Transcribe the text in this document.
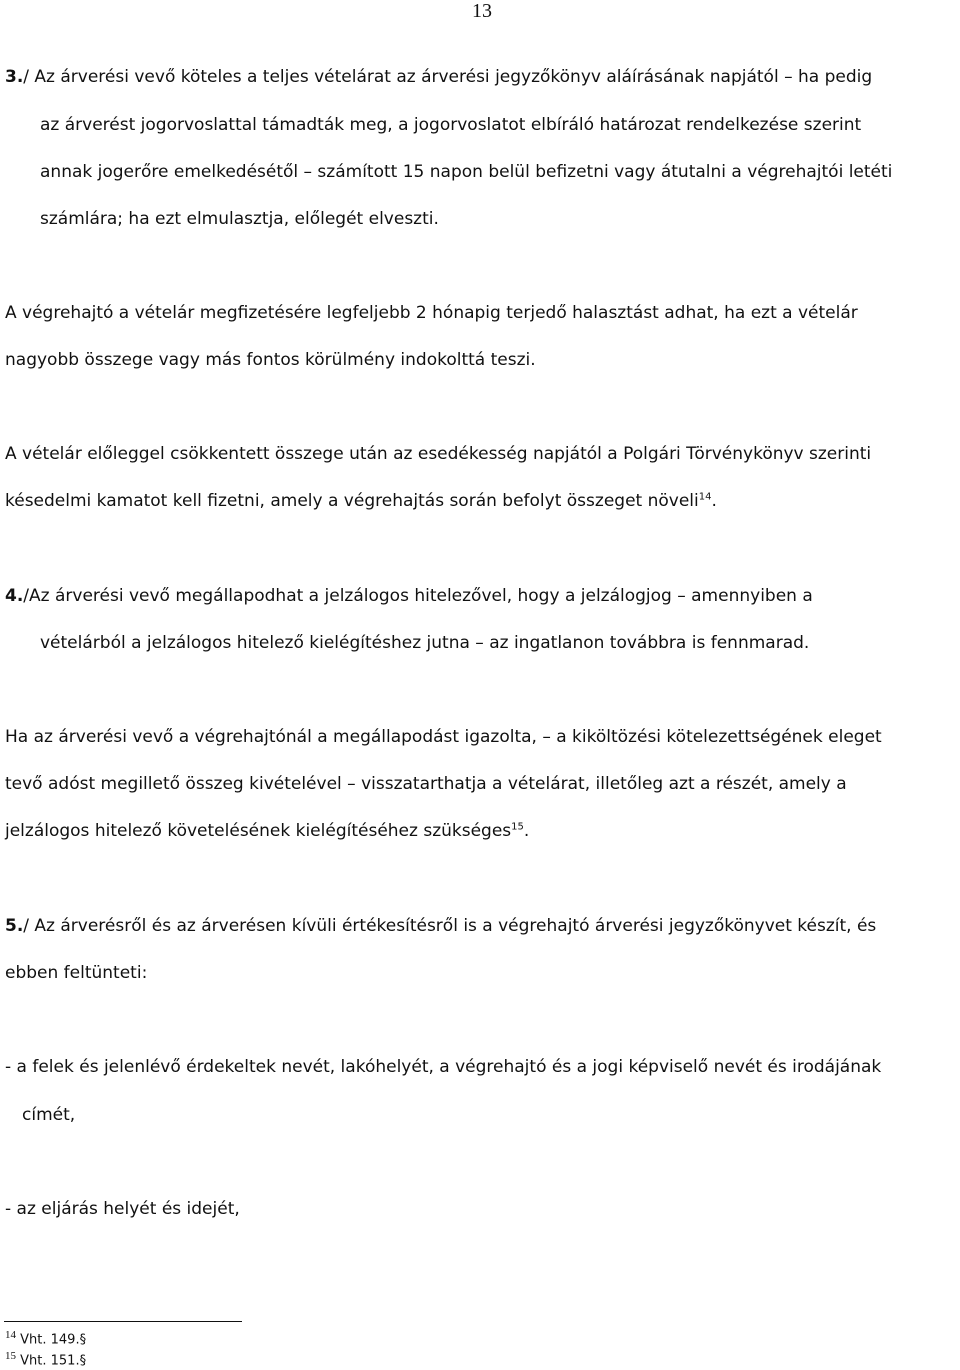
13
3./ Az árverési vevő köteles a teljes vételárat az árverési jegyzőkönyv aláírásának napjától – ha pedig
az árverést jogorvoslattal támadták meg, a jogorvoslatot elbíráló határozat rendelkezése szerint
annak jogerőre emelkedésétől – számított 15 napon belül befizetni vagy átutalni a végrehajtói letéti
számlára; ha ezt elmulasztja, előlegét elveszti.
A végrehajtó a vételár megfizetésére legfeljebb 2 hónapig terjedő halasztást adhat, ha ezt a vételár
nagyobb összege vagy más fontos körülmény indokolttá teszi.
A vételár előleggel csökkentett összege után az esedékesség napjától a Polgári Törvénykönyv szerinti
késedelmi kamatot kell fizetni, amely a végrehajtás során befolyt összeget növeli$^{14}$.
4./Az árverési vevő megállapodhat a jelzálogos hitelezővel, hogy a jelzálogjog – amennyiben a
vételárból a jelzálogos hitelező kielégítéshez jutna – az ingatlanon továbbra is fennmarad.
Ha az árverési vevő a végrehajtónál a megállapodást igazolta, – a kiköltözési kötelezettségének eleget
tevő adóst megillető összeg kivételével – visszatarthatja a vételárat, illetőleg azt a részét, amely a
jelzálogos hitelező követelésének kielégítéséhez szükséges$^{15}$.
5./ Az árverésről és az árverésen kívüli értékesítésről is a végrehajtó árverési jegyzőkönyvet készít, és
ebben feltünteti:
- a felek és jelenlévő érdekeltek nevét, lakóhelyét, a végrehajtó és a jogi képviselő nevét és irodájának
címét,
- az eljárás helyét és idejét,
$^{14}$ Vht. 149.§
$^{15}$ Vht. 151.§
